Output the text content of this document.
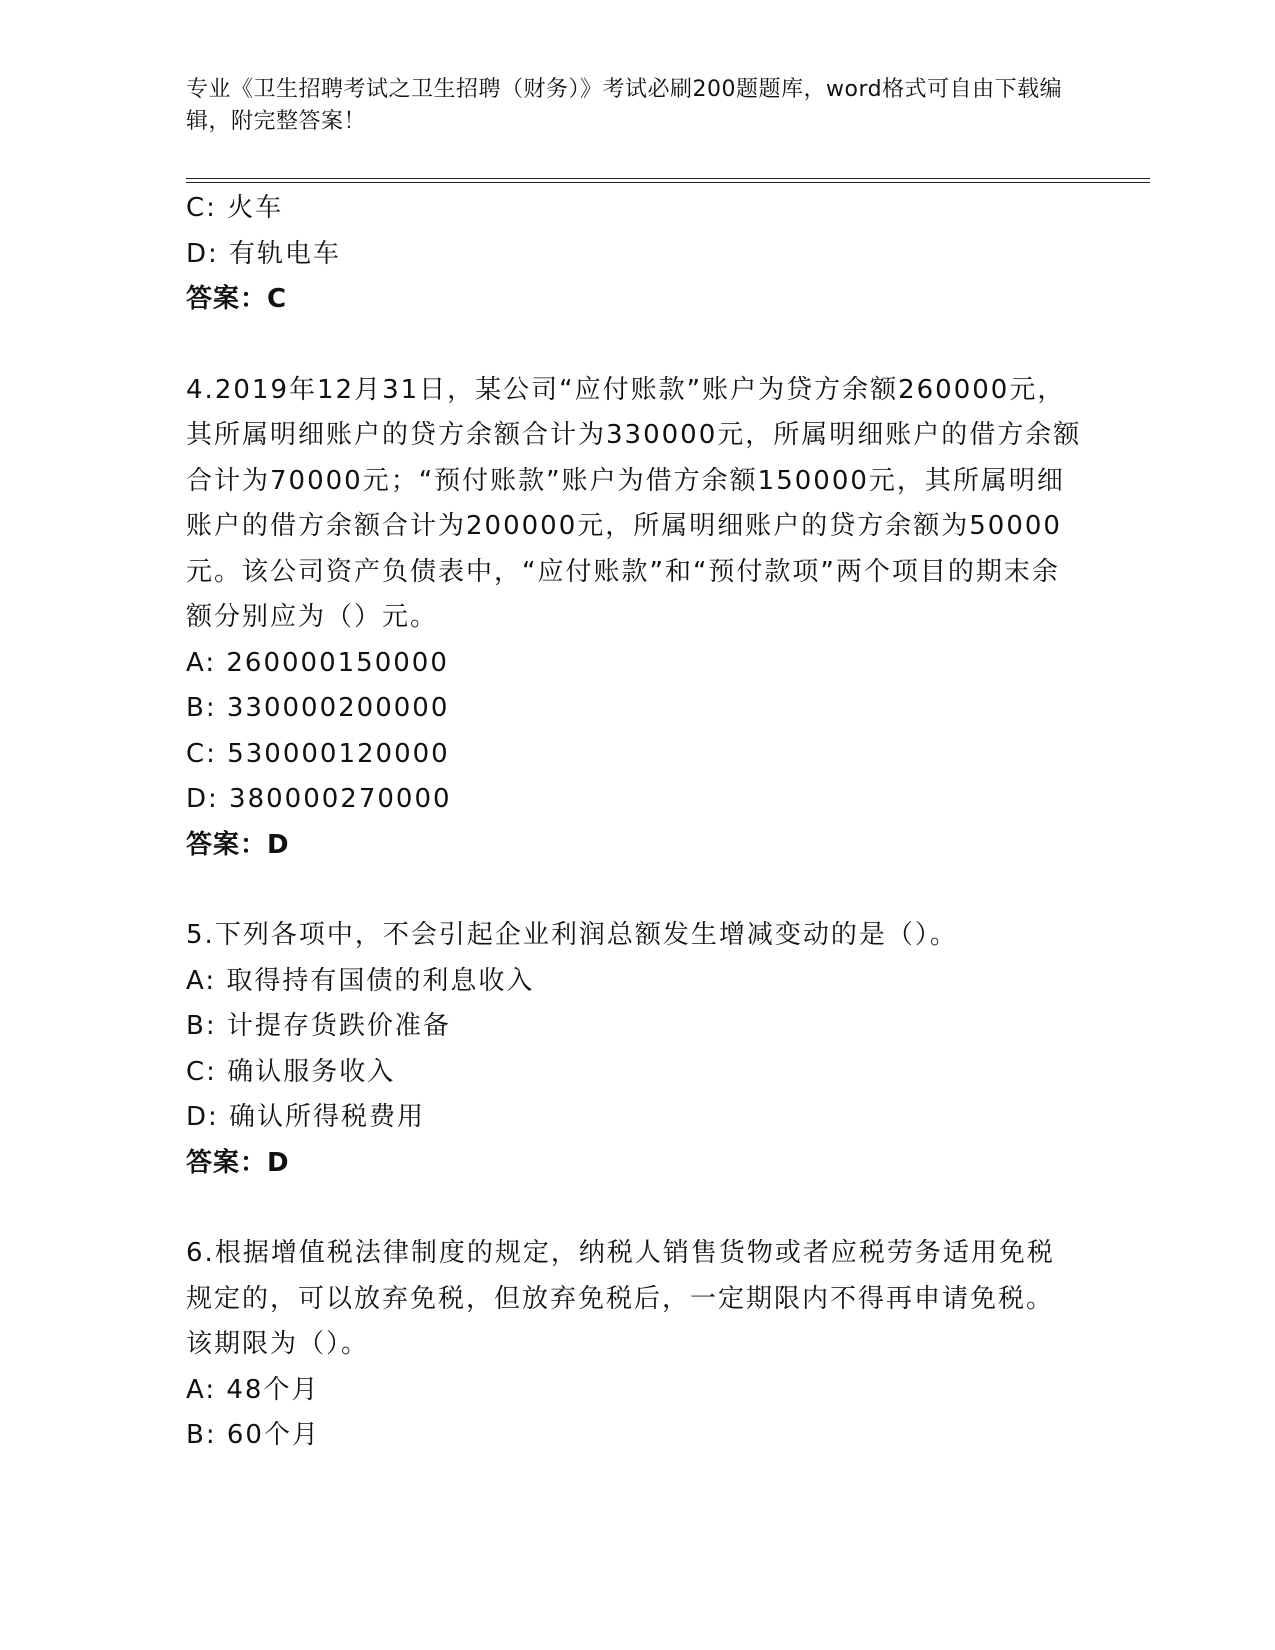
专业《卫生招聘考试之卫生招聘（财务）》考试必刷200题题库，word格式可自由下载编辑，附完整答案！
C: 火车
D: 有轨电车
答案：C
4.2019年12月31日，某公司“应付账款”账户为贷方余额260000元，其所属明细账户的贷方余额合计为330000元，所属明细账户的借方余额合计为70000元；“预付账款”账户为借方余额150000元，其所属明细账户的借方余额合计为200000元，所属明细账户的贷方余额为50000元。该公司资产负债表中，“应付账款”和“预付款项”两个项目的期末余额分别应为（）元。
A: 260000150000
B: 330000200000
C: 530000120000
D: 380000270000
答案：D
5.下列各项中，不会引起企业利润总额发生增减变动的是（）。
A: 取得持有国债的利息收入
B: 计提存货跌价准备
C: 确认服务收入
D: 确认所得税费用
答案：D
6.根据增值税法律制度的规定，纳税人销售货物或者应税劳务适用免税规定的，可以放弃免税，但放弃免税后，一定期限内不得再申请免税。该期限为（）。
A: 48个月
B: 60个月
